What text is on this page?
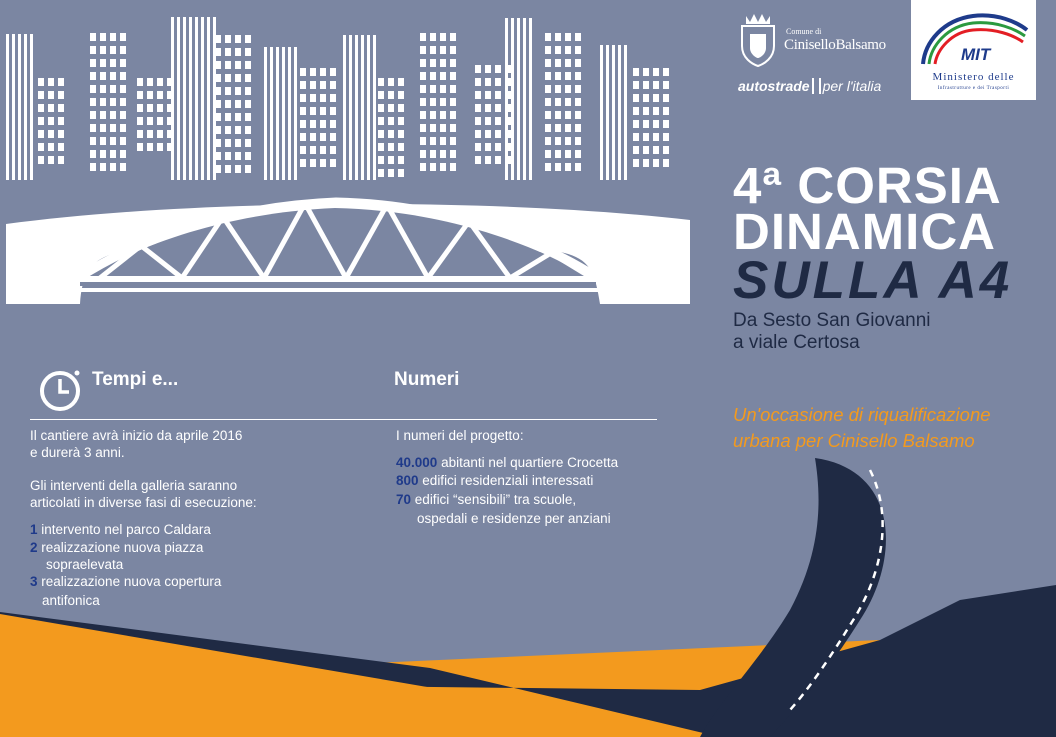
Comune di
CiniselloBalsamo
autostrade per l'italia
MIT
Ministero delle
Infrastrutture e dei Trasporti
4ª CORSIA
DINAMICA
SULLA A4
Da Sesto San Giovanni
a viale Certosa
Un'occasione di riqualificazione
urbana per Cinisello Balsamo
Tempi e...	Numeri
Il cantiere avrà inizio da aprile 2016
e durerà 3 anni.
Gli interventi della galleria saranno
articolati in diverse fasi di esecuzione:
1 intervento nel parco Caldara
2 realizzazione nuova piazza
sopraelevata
3 realizzazione nuova copertura
antifonica
I numeri del progetto:
40.000 abitanti nel quartiere Crocetta
800 edifici residenziali interessati
70 edifici “sensibili” tra scuole,
ospedali e residenze per anziani
